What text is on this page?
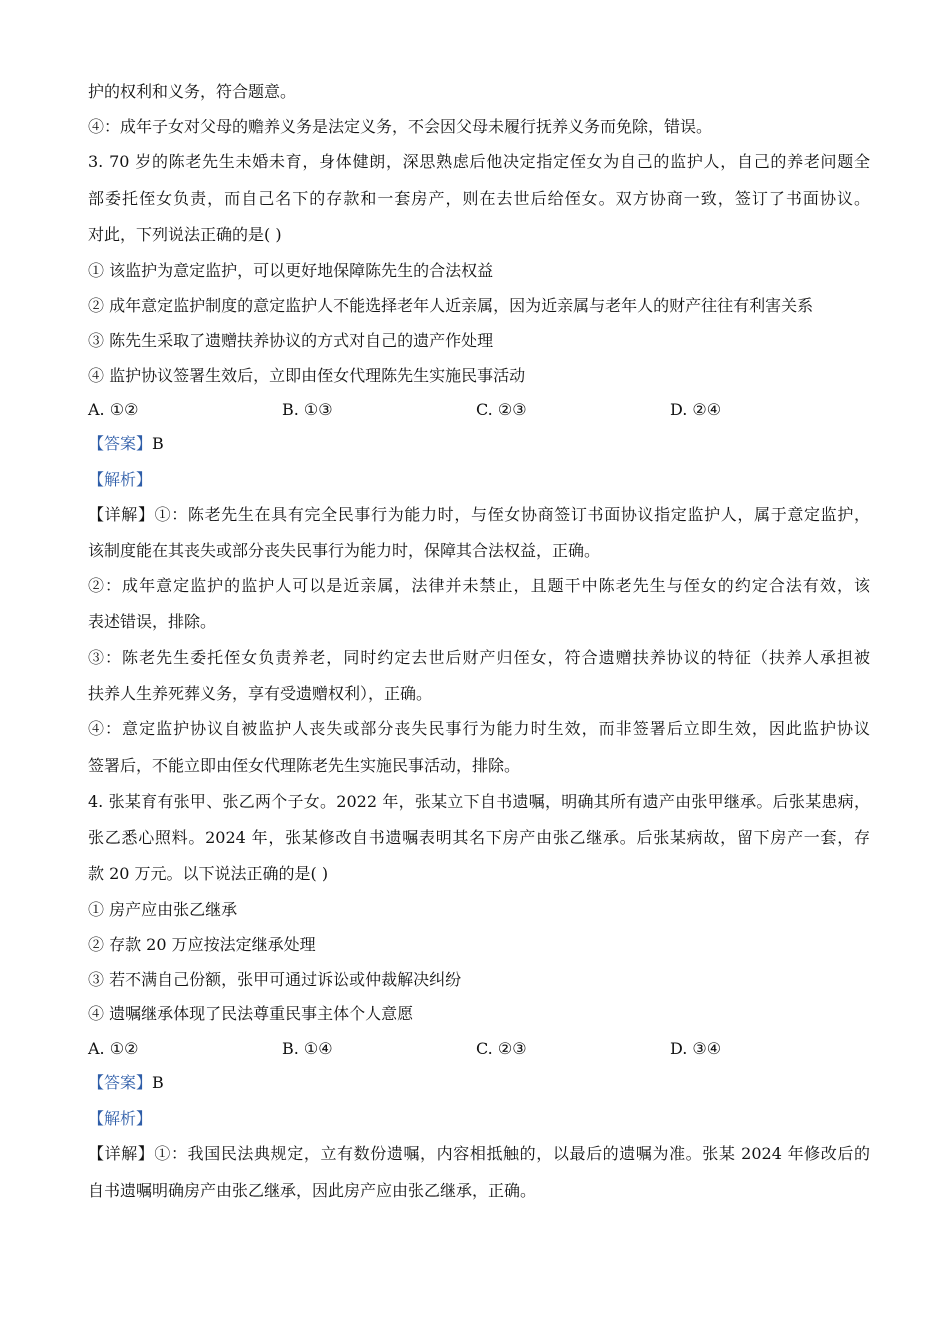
护的权利和义务，符合题意。
④：成年子女对父母的赡养义务是法定义务，不会因父母未履行抚养义务而免除，错误。
3. 70 岁的陈老先生未婚未育，身体健朗，深思熟虑后他决定指定侄女为自己的监护人，自己的养老问题全
部委托侄女负责，而自己名下的存款和一套房产，则在去世后给侄女。双方协商一致，签订了书面协议。
对此，下列说法正确的是( )
① 该监护为意定监护，可以更好地保障陈先生的合法权益
② 成年意定监护制度的意定监护人不能选择老年人近亲属，因为近亲属与老年人的财产往往有利害关系
③ 陈先生采取了遗赠扶养协议的方式对自己的遗产作处理
④ 监护协议签署生效后，立即由侄女代理陈先生实施民事活动
A. ①②	B. ①③	C. ②③	D. ②④
【答案】B
【解析】
【详解】①：陈老先生在具有完全民事行为能力时，与侄女协商签订书面协议指定监护人，属于意定监护，
该制度能在其丧失或部分丧失民事行为能力时，保障其合法权益，正确。
②：成年意定监护的监护人可以是近亲属，法律并未禁止，且题干中陈老先生与侄女的约定合法有效，该
表述错误，排除。
③：陈老先生委托侄女负责养老，同时约定去世后财产归侄女，符合遗赠扶养协议的特征（扶养人承担被
扶养人生养死葬义务，享有受遗赠权利），正确。
④：意定监护协议自被监护人丧失或部分丧失民事行为能力时生效，而非签署后立即生效，因此监护协议
签署后，不能立即由侄女代理陈老先生实施民事活动，排除。
4. 张某育有张甲、张乙两个子女。2022 年，张某立下自书遗嘱，明确其所有遗产由张甲继承。后张某患病，
张乙悉心照料。2024 年，张某修改自书遗嘱表明其名下房产由张乙继承。后张某病故，留下房产一套，存
款 20 万元。以下说法正确的是( )
① 房产应由张乙继承
② 存款 20 万应按法定继承处理
③ 若不满自己份额，张甲可通过诉讼或仲裁解决纠纷
④ 遗嘱继承体现了民法尊重民事主体个人意愿
A. ①②	B. ①④	C. ②③	D. ③④
【答案】B
【解析】
【详解】①：我国民法典规定，立有数份遗嘱，内容相抵触的，以最后的遗嘱为准。张某 2024 年修改后的
自书遗嘱明确房产由张乙继承，因此房产应由张乙继承，正确。
